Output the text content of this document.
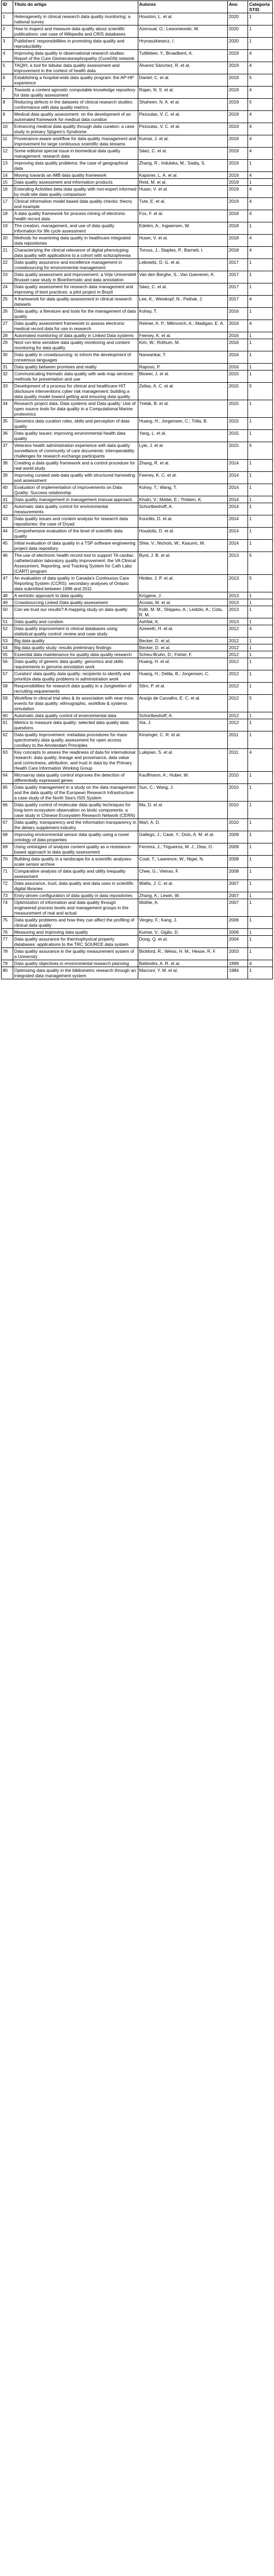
ID	Título do artigo	Autores	Ano	Categoria ST/D
1	Heterogeneity in clinical research data quality monitoring: a national survey	Houston, L. et al.	2020	1
2	How to inspect and measure data quality about scientific publications: use case of Wikipedia and CRIS databases	Azeroual, O.; Lewoniewski, W.	2020	1
3	Publishers' responsibilities in promoting data quality and reproducibility	Hrynaszkiewicz, I.	2020	1
4	Improving data quality in observational research studies: Report of the Cure Glomerulonephropathy (CureGN) network	Tuttlebee, Y.; Broadbent, A.	2019	4
5	TAQIH, a tool for tabular data quality assessment and improvement in the context of health data	Álvarez Sánchez, R. et al.	2019	4
6	Establishing a hospital-wide data quality program: the AP-HP experience	Daniel, C. et al.	2019	5
7	Towards a content agnostic computable knowledge repository for data quality assessment	Rajan, N. S. et al.	2019	4
8	Reducing defects in the datasets of clinical research studies: conformance with data quality metrics	Shaheen, N. A. et al.	2019	5
9	Medical data quality assessment: on the development of an automated framework for medical data curation	Pezoulas, V. C. et al.	2019	4
10	Enhancing medical data quality through data curation: a case study in primary Sjögren's Syndrome	Pezoulas, V. C. et al.	2019	4
11	Provenance-aware workflow for data quality management and improvement for large continuous scientific data streams	Kumar, J. et al.	2019	4
12	Some editorial special issue in biomedical data quality management: research data	Sáez, C. et al.	2019	4
13	Improving data quality problems: the case of geographical data	Zhang, R.; Indulska, M.; Sadiq, S.	2019	1
14	Moving towards an IMB data quality framework	Kapsner, L. A. et al.	2019	4
15	Data quality assessment and information products	Reid, M. et al.	2019	1
16	Extending Activities beta data quality with non-expert informed by multi-site data quality comparison	Huser, V. et al.	2019	4
17	Clinical information model based data quality checks: theory and example	Tute, E. et al.	2019	4
18	A data quality framework for process mining of electronic health record data	Fox, F. et al.	2018	4
19	The creation, management, and use of data quality information for life cycle assessment	Edelen, A.; Ingwersen, W.	2018	1
20	Methods for examining data quality in healthcare integrated data repositories	Huser, V. et al.	2018	4
21	Characterizing the clinical relevance of digital phenotyping data quality with applications to a cohort with schizophrenia	Torous, J.; Staples, P.; Barnett, I.	2018	4
22	Data quality assurance and excellence management in crowdsourcing for environmental management	Lebowitz, D. G. et al.	2017	1
23	Data quality assessment and improvement: a Vrije Universiteit Brussel case study in Bioinformatic and data annotation	Van den Berghe, S.; Van Gaeveren, K.	2017	1
24	Data quality assessment for research data management and improving of best practices: a pilot project in Brazil	Sáez, C. et al.	2017	1
25	A framework for data quality assessment in clinical research datasets	Lee, K.; Weiskopf, N.; Pathak, J.	2017	4
26	Data quality, a literature and tools for the management of data quality	Kohay, T.	2016	1
27	Data quality assessment framework to assess electronic medical record data for use in research	Reimer, A. P.; Milinovich, A.; Madigan, E. A.	2016	4
28	Automated monitoring of data quality in Linked Data systems	Feeney, K. et al.	2016	1
29	Next run-time sensitive data quality monitoring and content monitoring for data quality	Kim, W.; Rothum, M.	2016	1
30	Data quality in crowdsourcing: to inform the development of consensus languages	Narwankar, T.	2016	1
31	Data quality between promises and reality	Raposo, P.	2016	1
32	Communicating thematic data quality with web map services: methods for presentation and use	Blower, J. et al.	2015	1
33	Development of a process for clinical and healthcare HIT disclosure interventions cyber risk management: building a data quality model toward getting and ensuring data quality	Zellas, A. C. et al.	2015	5
34	Research project data, Data systems and Data quality: Use of open source tools for data quality in a Computational Marine proteomics	Trelák, B. et al.	2015	1
35	Genomics data curation roles, skills and perception of data quality	Huang, H.; Jorgensen, C.; Trilla, B.	2015	1
36	Data quality issues: improving environmental health data quality	Yang, L. et al.	2015	1
37	Veterans health administration experience with data quality surveillance of community of care documents: interoperability challenges for research exchange participants	Lyle, J. et al.	2015	5
38	Creating a data quality framework and a control procedure for real world study	Zhang, R. et al.	2014	1
39	Improving curated web-data quality with structured harvesting and assessment	Feeney, K. C. et al.	2014	1
40	Evaluation of implementation of improvements on Data Quality: Success relationship	Kohay, T.; Wang, T.	2014	1
41	Data quality management in management manual approach	Khatri, V.; Mattei, E.; Thöben, K.	2014	1
42	Automatic data quality control for environmental measurements	Schortbeshoff, A.	2014	1
43	Data quality issues and content analysis for research data repositories: the case of Dryad	Kouriliis, D. et al.	2014	1
44	Comprehensive evaluation of the level of scientific data quality	Houdolis, D. et al.	2014	1
45	Initial evaluation of data quality in a TSP software engineering project data repository	Shiw, V.; Nichols, W.; Kasunic, M.	2014	1
46	The use of electronic health record tool to support TA cardiac catheterization laboratory quality improvement: the VA Clinical Assessment, Reporting, and Tracking System for Cath Labs (CART) program	Byrd, J. B. et al.	2013	5
47	An evaluation of data quality in Canada's Continuous Care Reporting System (CCRS): secondary analyses of Ontario data submitted between 1996 and 2011	Hirdes, J. P. et al.	2013	5
48	A semiotic approach to data quality	Krügene, J.	2013	1
49	Crowdsourcing Linked Data quality assessment	Acosta, M. et al.	2013	1
50	Can we trust our results? A mapping study on data quality	Kolb, M. M.; Shippeu, A.; Ledizlo, A.; Cota, R. M.	2013	1
51	Data quality and curation	Ashfak, K.	2013	1
52	Data quality improvement in clinical databases using statistical quality control: review and case study	Azeeeth, H. et al.	2012	4
53	Big data quality	Becker, D. et al.	2012	1
54	Big data quality study: results preliminary findings	Becker, D. et al.	2012	1
55	Essential data maintenance for quality data quality research	Scheu-Bruhn, D.; Fisher, F.	2012	1
56	Data quality of generic data quality: genomics and skills requirements in genome annotation work	Huang, H. et al.	2012	1
57	Curators' data quality data quality: recipients to identify and prioritize data quality problems in administration work	Huang, H.; Delila, B.; Jorgensen, C.	2012	1
58	Responsibilities for research data quality in a Jungleetten of recruiting requirements	Stirn, P. et al.	2012	1
59	Workflow in clinical trial sites & its association with near miss events for data quality: ethnographic, workflow & systems simulation	Araújo de Carvalho, E. C. et al.	2012	5
60	Automatic data quality control of environmental data	Schortbeshoff, A.	2012	1
61	Metrics to measure data quality: selected data quality data questions	Xia, J.	2012	1
62	Data quality improvement: metadata procedures for mass spectrometry data quality assessment for open access corollary to the Amsterdam Principles	Kinsinger, C. R. et al.	2011	1
63	Key concepts to assess the readiness of data for international research: data quality, lineage and provenance, data value and correctness, attribution, and trust in data by the Primary Health Care Information Working Group	Lukipian, S. et al.	2011	4
64	Microarray data quality control improves the detection of differentially expressed genes	Kauffmann, A.; Huber, W.	2010	1
65	Data quality management in a study on the data management and the data quality of the European Research Infrastructure: a case study of the North Sea's ISIS System	Sun, C.; Wang, J.	2010	1
66	Data quality control of molecular data quality techniques for long-term ecosystem observation on biotic components: a case study in Chinese Ecosystem Research Network (CERN)	Ma, D. et al.	2010	1
67	Data quality, transparency and the information transparency in the dietary supplement industry	Mart, A. D.	2010	1
68	Improving environmental sensor data quality using a novel ontology of data properties	Gallego, J.; Casé, Y.; Dolo, A. M. et al.	2009	1
69	Using ontologies of analysis content quality as a resistance-based approach to data quality assessment	Ferreira, J.; Trigueiros, M. J.; Dias, O.	2009	1
70	Building data quality in a landscape for a scientific analyses-scale sensor archive	Costi, T.; Lawrence, W.; Nigel, N.	2008	1
71	Comparative analysis of data quality and utility inequality assessment	Chee, G.; Vieirao, F.	2008	1
72	Data assurance, trust, data quality and data uses in scientific digital libraries	Wallis, J. C. et al.	2007	1
73	Entry-driven configuration of data quality in data repositories	Zhang, A.; Lewin, W.	2007	1
74	Optimization of information and data quality through engineered process levels and management groups in the measurement of real and actual	Mülhle, K.	2007	1
75	Data quality problems and how they can affect the profiling of clinical data quality	Vergey, F.; Kang, J.	2006	1
76	Measuring and improving data quality	Kumar, V.; Giglio, D.	2006	1
77	Data quality assurance for thermophysical property databases: applications to the TRC SOURCE data system	Dong, Q. et al.	2004	1
78	Data quality assurance in the quality measurement system of a University	Bickford, R.; Weiss, H. M.; Hesse, R. F.	2003	1
79	Data quality objectives in environmental research planning	Battestini, A. R. et al.	1999	4
80	Optimizing data quality in the bibliometric research through an integrated data management system	Marconi, Y. M. et al.	1984	1
